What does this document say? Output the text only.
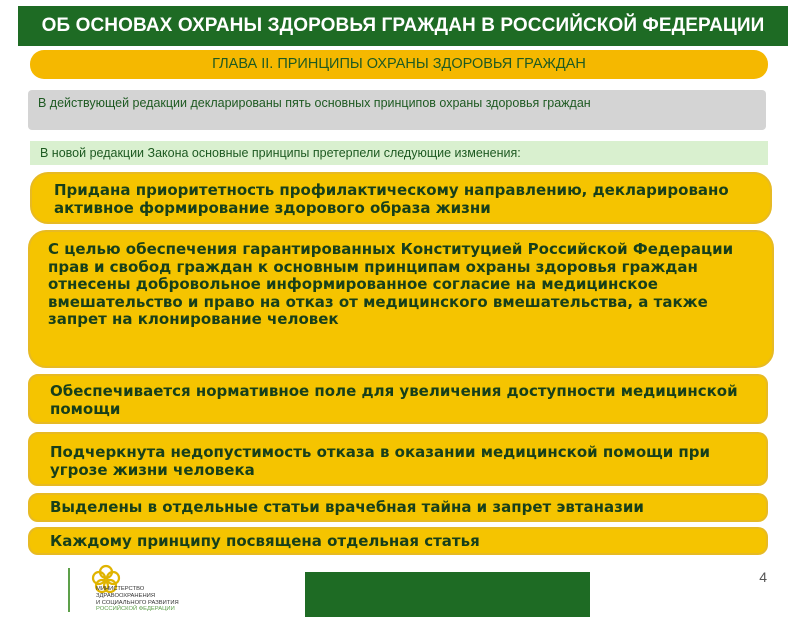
ОБ ОСНОВАХ ОХРАНЫ ЗДОРОВЬЯ ГРАЖДАН В РОССИЙСКОЙ ФЕДЕРАЦИИ
ГЛАВА II. ПРИНЦИПЫ ОХРАНЫ ЗДОРОВЬЯ ГРАЖДАН
В действующей редакции декларированы пять основных принципов охраны здоровья граждан
В новой редакции Закона основные принципы претерпели следующие изменения:
Придана приоритетность профилактическому направлению, декларировано активное формирование здорового образа жизни
С целью обеспечения гарантированных Конституцией Российской Федерации прав и свобод граждан к основным принципам охраны здоровья граждан отнесены добровольное информированное согласие на медицинское вмешательство и право на отказ от медицинского вмешательства, а также запрет на клонирование человек
Обеспечивается нормативное поле для увеличения доступности медицинской помощи
Подчеркнута недопустимость отказа в оказании медицинской помощи при угрозе жизни человека
Выделены в отдельные статьи врачебная тайна и запрет эвтаназии
Каждому принципу посвящена отдельная статья
МИНИСТЕРСТВО
ЗДРАВООХРАНЕНИЯ
И СОЦИАЛЬНОГО РАЗВИТИЯ
РОССИЙСКОЙ ФЕДЕРАЦИИ
4
